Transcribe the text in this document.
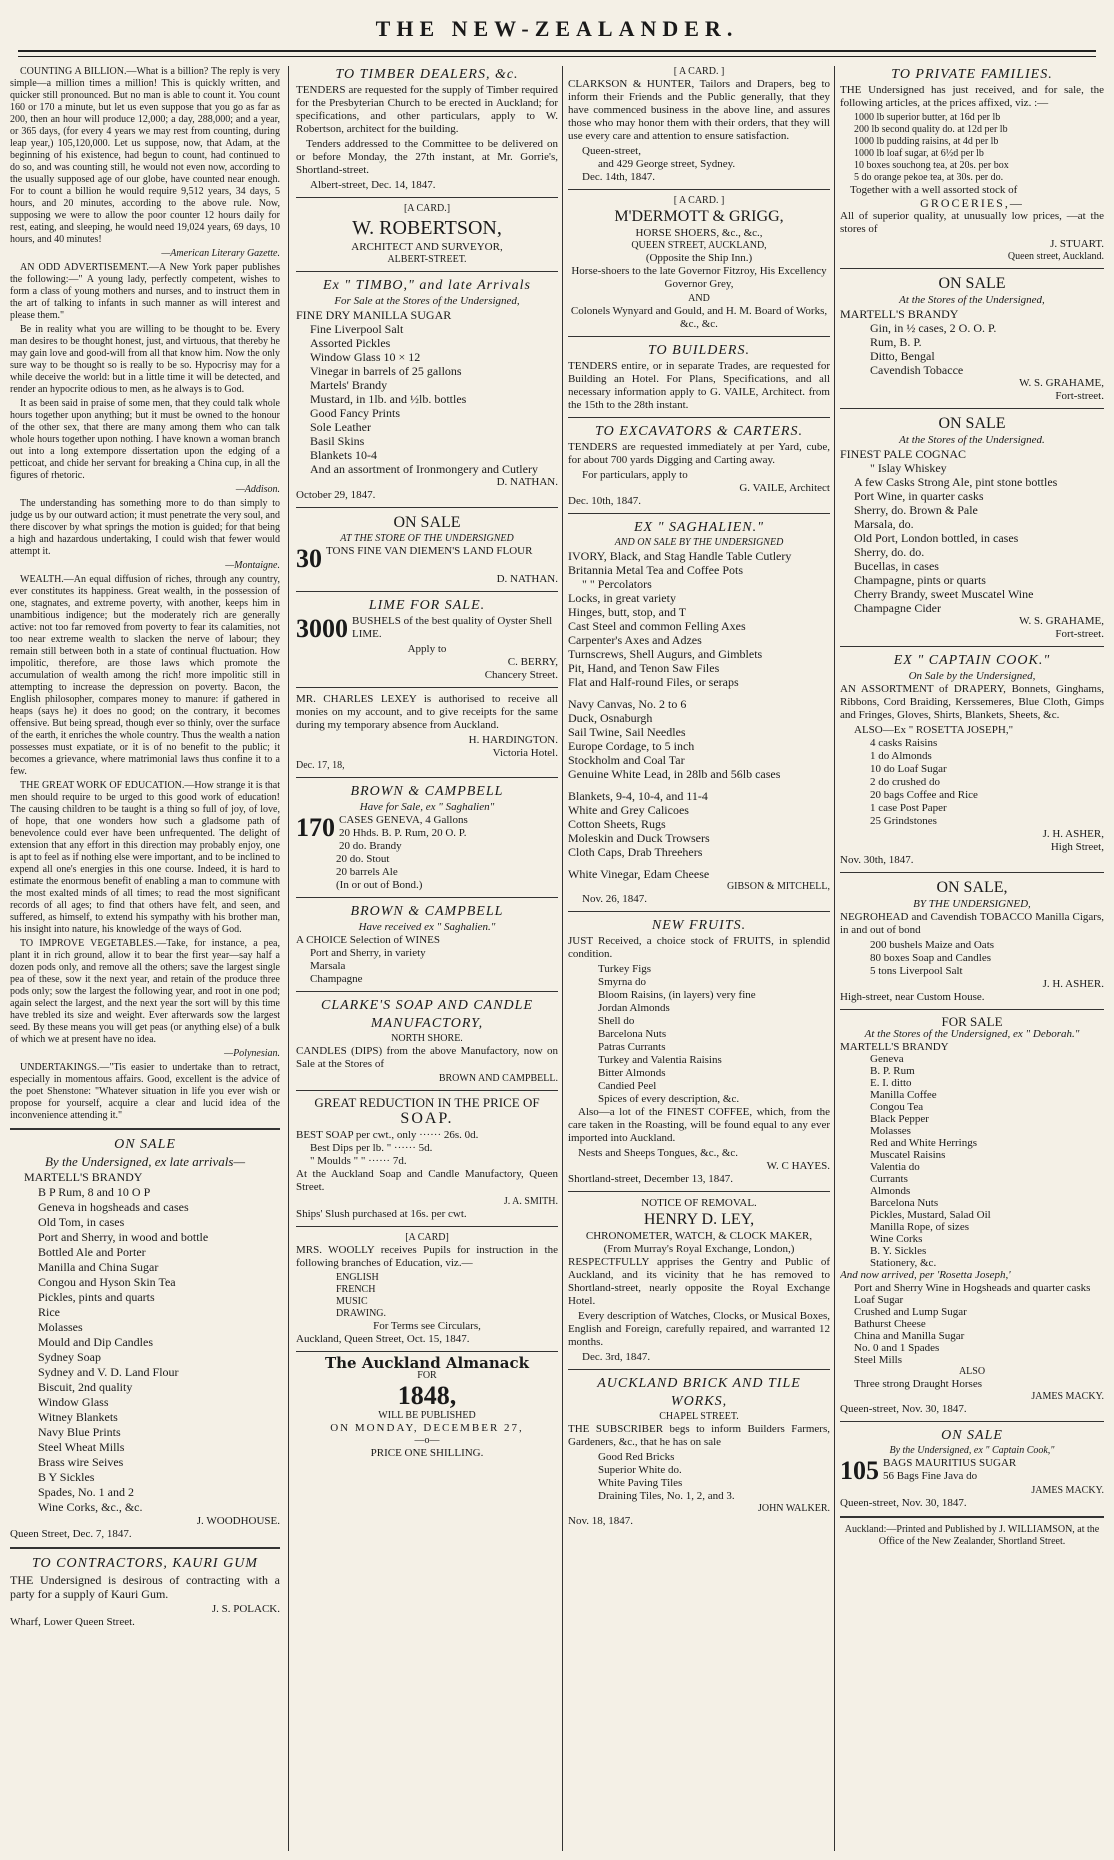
THE NEW-ZEALANDER.

COUNTING A BILLION.—What is a billion? The reply is very simple—a million times a million! This is quickly written, and quicker still pronounced. But no man is able to count it. You count 160 or 170 a minute, but let us even suppose that you go as far as 200, then an hour will produce 12,000; a day, 288,000; and a year, or 365 days, (for every 4 years we may rest from counting, during leap year,) 105,120,000. Let us suppose, now, that Adam, at the beginning of his existence, had begun to count, had continued to do so, and was counting still, he would not even now, according to the usually supposed age of our globe, have counted near enough. For to count a billion he would require 9,512 years, 34 days, 5 hours, and 20 minutes, according to the above rule. Now, supposing we were to allow the poor counter 12 hours daily for rest, eating, and sleeping, he would need 19,024 years, 69 days, 10 hours, and 40 minutes!

—American Literary Gazette.

AN ODD ADVERTISEMENT.—A New York paper publishes the following:—" A young lady, perfectly competent, wishes to form a class of young mothers and nurses, and to instruct them in the art of talking to infants in such manner as will interest and please them."

Be in reality what you are willing to be thought to be. Every man desires to be thought honest, just, and virtuous, that thereby he may gain love and good-will from all that know him. Now the only sure way to be thought so is really to be so. Hypocrisy may for a while deceive the world: but in a little time it will be detected, and render an hypocrite odious to men, as he always is to God.

It as been said in praise of some men, that they could talk whole hours together upon anything; but it must be owned to the honour of the other sex, that there are many among them who can talk whole hours together upon nothing. I have known a woman branch out into a long extempore dissertation upon the edging of a petticoat, and chide her servant for breaking a China cup, in all the figures of rhetoric.

—Addison.

The understanding has something more to do than simply to judge us by our outward action; it must penetrate the very soul, and there discover by what springs the motion is guided; for that being a high and hazardous undertaking, I could wish that fewer would attempt it.

—Montaigne.

WEALTH.—An equal diffusion of riches, through any country, ever constitutes its happiness. Great wealth, in the possession of one, stagnates, and extreme poverty, with another, keeps him in unambitious indigence; but the moderately rich are generally active: not too far removed from poverty to fear its calamities, not too near extreme wealth to slacken the nerve of labour; they remain still between both in a state of continual fluctuation. How impolitic, therefore, are those laws which promote the accumulation of wealth among the rich! more impolitic still in attempting to increase the depression on poverty. Bacon, the English philosopher, compares money to manure: if gathered in heaps (says he) it does no good; on the contrary, it becomes offensive. But being spread, though ever so thinly, over the surface of the earth, it enriches the whole country. Thus the wealth a nation possesses must expatiate, or it is of no benefit to the public; it becomes a grievance, where matrimonial laws thus confine it to a few.

THE GREAT WORK OF EDUCATION.—How strange it is that men should require to be urged to this good work of education! The causing children to be taught is a thing so full of joy, of love, of hope, that one wonders how such a gladsome path of benevolence could ever have been unfrequented. The delight of extension that any effort in this direction may probably enjoy, one is apt to feel as if nothing else were important, and to be inclined to expend all one's energies in this one course. Indeed, it is hard to estimate the enormous benefit of enabling a man to commune with the most exalted minds of all times; to read the most significant records of all ages; to find that others have felt, and seen, and suffered, as himself, to extend his sympathy with his brother man, his insight into nature, his knowledge of the ways of God.

TO IMPROVE VEGETABLES.—Take, for instance, a pea, plant it in rich ground, allow it to bear the first year—say half a dozen pods only, and remove all the others; save the largest single pea of these, sow it the next year, and retain of the produce three pods only; sow the largest the following year, and root in one pod; again select the largest, and the next year the sort will by this time have trebled its size and weight. Ever afterwards sow the largest seed. By these means you will get peas (or anything else) of a bulk of which we at present have no idea.

—Polynesian.

UNDERTAKINGS.—"Tis easier to undertake than to retract, especially in momentous affairs. Good, excellent is the advice of the poet Shenstone: "Whatever situation in life you ever wish or propose for yourself, acquire a clear and lucid idea of the inconvenience attending it."

ON SALE
By the Undersigned, ex late arrivals—
MARTELL'S BRANDY
B P Rum, 8 and 10 O P
Geneva in hogsheads and cases
Old Tom, in cases
Port and Sherry, in wood and bottle
Bottled Ale and Porter
Manilla and China Sugar
Congou and Hyson Skin Tea
Pickles, pints and quarts
Rice
Molasses
Mould and Dip Candles
Sydney Soap
Sydney and V. D. Land Flour
Biscuit, 2nd quality
Window Glass
Witney Blankets
Navy Blue Prints
Steel Wheat Mills
Brass wire Seives
B Y Sickles
Spades, No. 1 and 2
Wine Corks, &c., &c.
J. WOODHOUSE.
Queen Street, Dec. 7, 1847.
TO CONTRACTORS, KAURI GUM

THE Undersigned is desirous of contracting with a party for a supply of Kauri Gum.

J. S. POLACK.
Wharf, Lower Queen Street.
TO TIMBER DEALERS, &c.

TENDERS are requested for the supply of Timber required for the Presbyterian Church to be erected in Auckland; for specifications, and other particulars, apply to W. Robertson, architect for the building.

Tenders addressed to the Committee to be delivered on or before Monday, the 27th instant, at Mr. Gorrie's, Shortland-street.

Albert-street, Dec. 14, 1847.
[A CARD.]
W. ROBERTSON,
ARCHITECT AND SURVEYOR,
ALBERT-STREET.
Ex " TIMBO," and late Arrivals
For Sale at the Stores of the Undersigned,
FINE DRY MANILLA SUGAR
Fine Liverpool Salt
Assorted Pickles
Window Glass 10 × 12
Vinegar in barrels of 25 gallons
Martels' Brandy
Mustard, in 1lb. and ½lb. bottles
Good Fancy Prints
Sole Leather
Basil Skins
Blankets 10-4
And an assortment of Ironmongery and Cutlery
D. NATHAN.
October 29, 1847.
ON SALE
AT THE STORE OF THE UNDERSIGNED
30 TONS FINE VAN DIEMEN'S LAND FLOUR
D. NATHAN.
LIME FOR SALE.
3000 BUSHELS of the best quality of Oyster Shell LIME.
Apply to
C. BERRY,
Chancery Street.

MR. CHARLES LEXEY is authorised to receive all monies on my account, and to give receipts for the same during my temporary absence from Auckland.

H. HARDINGTON.
Victoria Hotel.
Dec. 17, 18,
BROWN & CAMPBELL
Have for Sale, ex " Saghalien"
170 CASES GENEVA, 4 Gallons
20 Hhds. B. P. Rum, 20 O. P.
20 do. Brandy
20 do. Stout
20 barrels Ale
(In or out of Bond.)
BROWN & CAMPBELL
Have received ex " Saghalien."
A CHOICE Selection of WINES
Port and Sherry, in variety
Marsala
Champagne
CLARKE'S SOAP AND CANDLE MANUFACTORY,
NORTH SHORE.

CANDLES (DIPS) from the above Manufactory, now on Sale at the Stores of

BROWN AND CAMPBELL.
GREAT REDUCTION IN THE PRICE OF
SOAP.
BEST SOAP per cwt., only ······ 26s. 0d.
Best Dips per lb. " ······ 5d.
" Moulds " " ······ 7d.

At the Auckland Soap and Candle Manufactory, Queen Street.

J. A. SMITH.
Ships' Slush purchased at 16s. per cwt.
[A CARD]

MRS. WOOLLY receives Pupils for instruction in the following branches of Education, viz.—

ENGLISH
FRENCH
MUSIC
DRAWING.
For Terms see Circulars,
Auckland, Queen Street, Oct. 15, 1847.
The Auckland Almanack
FOR
1848,
WILL BE PUBLISHED
ON MONDAY, DECEMBER 27,
—o—
PRICE ONE SHILLING.
[ A CARD. ]

CLARKSON & HUNTER, Tailors and Drapers, beg to inform their Friends and the Public generally, that they have commenced business in the above line, and assures those who may honor them with their orders, that they will use every care and attention to ensure satisfaction.

Queen-street,
and 429 George street, Sydney.
Dec. 14th, 1847.
[ A CARD. ]
M'DERMOTT & GRIGG,
HORSE SHOERS, &c., &c.,
QUEEN STREET, AUCKLAND,
(Opposite the Ship Inn.)

Horse-shoers to the late Governor Fitzroy, His Excellency Governor Grey,

AND

Colonels Wynyard and Gould, and H. M. Board of Works, &c., &c.

TO BUILDERS.

TENDERS entire, or in separate Trades, are requested for Building an Hotel. For Plans, Specifications, and all necessary information apply to G. VAILE, Architect. from the 15th to the 28th instant.

TO EXCAVATORS & CARTERS.

TENDERS are requested immediately at per Yard, cube, for about 700 yards Digging and Carting away.

For particulars, apply to
G. VAILE, Architect
Dec. 10th, 1847.
EX " SAGHALIEN."
AND ON SALE BY THE UNDERSIGNED
IVORY, Black, and Stag Handle Table Cutlery
Britannia Metal Tea and Coffee Pots
" " Percolators
Locks, in great variety
Hinges, butt, stop, and T
Cast Steel and common Felling Axes
Carpenter's Axes and Adzes
Turnscrews, Shell Augurs, and Gimblets
Pit, Hand, and Tenon Saw Files
Flat and Half-round Files, or seraps
Navy Canvas, No. 2 to 6
Duck, Osnaburgh
Sail Twine, Sail Needles
Europe Cordage, to 5 inch
Stockholm and Coal Tar
Genuine White Lead, in 28lb and 56lb cases
Blankets, 9-4, 10-4, and 11-4
White and Grey Calicoes
Cotton Sheets, Rugs
Moleskin and Duck Trowsers
Cloth Caps, Drab Threehers
White Vinegar, Edam Cheese
GIBSON & MITCHELL,
Nov. 26, 1847.
NEW FRUITS.

JUST Received, a choice stock of FRUITS, in splendid condition.

Turkey Figs
Smyrna do
Bloom Raisins, (in layers) very fine
Jordan Almonds
Shell do
Barcelona Nuts
Patras Currants
Turkey and Valentia Raisins
Bitter Almonds
Candied Peel
Spices of every description, &c.

Also—a lot of the FINEST COFFEE, which, from the care taken in the Roasting, will be found equal to any ever imported into Auckland.

Nests and Sheeps Tongues, &c., &c.
W. C HAYES.
Shortland-street, December 13, 1847.
NOTICE OF REMOVAL.
HENRY D. LEY,
CHRONOMETER, WATCH, & CLOCK MAKER,
(From Murray's Royal Exchange, London,)

RESPECTFULLY apprises the Gentry and Public of Auckland, and its vicinity that he has removed to Shortland-street, nearly opposite the Royal Exchange Hotel.

Every description of Watches, Clocks, or Musical Boxes, English and Foreign, carefully repaired, and warranted 12 months.

Dec. 3rd, 1847.
AUCKLAND BRICK AND TILE WORKS,
CHAPEL STREET.

THE SUBSCRIBER begs to inform Builders Farmers, Gardeners, &c., that he has on sale

Good Red Bricks
Superior White do.
White Paving Tiles
Draining Tiles, No. 1, 2, and 3.
JOHN WALKER.
Nov. 18, 1847.
TO PRIVATE FAMILIES.

THE Undersigned has just received, and for sale, the following articles, at the prices affixed, viz. :—

1000 lb superior butter, at 16d per lb
200 lb second quality do. at 12d per lb
1000 lb pudding raisins, at 4d per lb
1000 lb loaf sugar, at 6½d per lb
10 boxes souchong tea, at 20s. per box
5 do orange pekoe tea, at 30s. per do.
Together with a well assorted stock of
GROCERIES,—

All of superior quality, at unusually low prices, —at the stores of

J. STUART.
Queen street, Auckland.
ON SALE
At the Stores of the Undersigned,
MARTELL'S BRANDY
Gin, in ½ cases, 2 O. O. P.
Rum, B. P.
Ditto, Bengal
Cavendish Tobacce
W. S. GRAHAME,
Fort-street.
ON SALE
At the Stores of the Undersigned.
FINEST PALE COGNAC
" Islay Whiskey
A few Casks Strong Ale, pint stone bottles
Port Wine, in quarter casks
Sherry, do. Brown & Pale
Marsala, do.
Old Port, London bottled, in cases
Sherry, do. do.
Bucellas, in cases
Champagne, pints or quarts
Cherry Brandy, sweet Muscatel Wine
Champagne Cider
W. S. GRAHAME,
Fort-street.
EX " CAPTAIN COOK."
On Sale by the Undersigned,

AN ASSORTMENT of DRAPERY, Bonnets, Ginghams, Ribbons, Cord Braiding, Kerssemeres, Blue Cloth, Gimps and Fringes, Gloves, Shirts, Blankets, Sheets, &c.

ALSO—Ex " ROSETTA JOSEPH,"
4 casks Raisins
1 do Almonds
10 do Loaf Sugar
2 do crushed do
20 bags Coffee and Rice
1 case Post Paper
25 Grindstones
J. H. ASHER,
High Street,
Nov. 30th, 1847.
ON SALE,
BY THE UNDERSIGNED,

NEGROHEAD and Cavendish TOBACCO Manilla Cigars, in and out of bond

200 bushels Maize and Oats
80 boxes Soap and Candles
5 tons Liverpool Salt
J. H. ASHER.
High-street, near Custom House.
FOR SALE
At the Stores of the Undersigned, ex " Deborah."
MARTELL'S BRANDY
Geneva
B. P. Rum
E. I. ditto
Manilla Coffee
Congou Tea
Black Pepper
Molasses
Red and White Herrings
Muscatel Raisins
Valentia do
Currants
Almonds
Barcelona Nuts
Pickles, Mustard, Salad Oil
Manilla Rope, of sizes
Wine Corks
B. Y. Sickles
Stationery, &c.
And now arrived, per 'Rosetta Joseph,'
Port and Sherry Wine in Hogsheads and quarter casks
Loaf Sugar
Crushed and Lump Sugar
Bathurst Cheese
China and Manilla Sugar
No. 0 and 1 Spades
Steel Mills
ALSO
Three strong Draught Horses
JAMES MACKY.
Queen-street, Nov. 30, 1847.
ON SALE
By the Undersigned, ex " Captain Cook,"
105 BAGS MAURITIUS SUGAR
56 Bags Fine Java do
JAMES MACKY.
Queen-street, Nov. 30, 1847.
Auckland:—Printed and Published by J. WILLIAMSON, at the Office of the New Zealander, Shortland Street.
